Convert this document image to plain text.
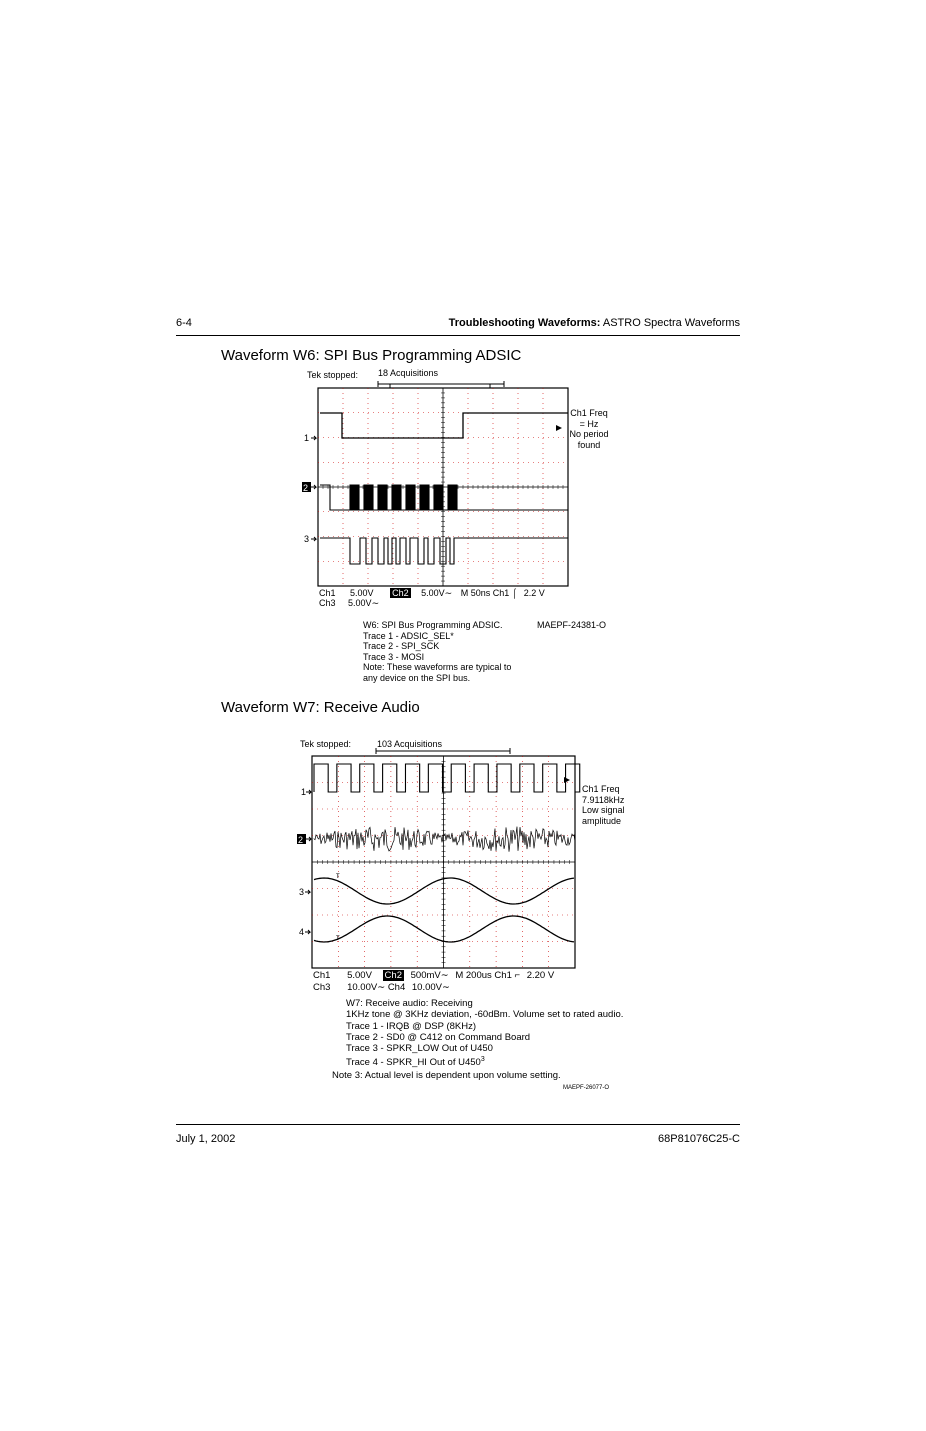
6-4	Troubleshooting Waveforms: ASTRO Spectra Waveforms
Waveform W6: SPI Bus Programming ADSIC
Tek stopped: 18 Acquisitions
1
2
3
Ch1 Freq
= Hz
No period
found
Ch1 5.00V Ch2 5.00V∼ M 50ns Ch1 ⌠ 2.2 V
Ch3 5.00V∼
W6: SPI Bus Programming ADSIC.
Trace 1 - ADSIC_SEL*
Trace 2 - SPI_SCK
Trace 3 - MOSI
Note: These waveforms are typical to
any device on the SPI bus.
MAEPF-24381-O
Waveform W7: Receive Audio
Tek stopped:	103 Acquisitions
1
2
3
4
т
т
Ch1 Freq
7.9118kHz
Low signal
amplitude
Ch1 5.00V Ch2 500mV∼ M 200us Ch1 ⌐ 2.20 V
Ch3 10.00V∼ Ch4 10.00V∼
W7: Receive audio: Receiving
1KHz tone @ 3KHz deviation, -60dBm. Volume set to rated audio.
Trace 1 - IRQB @ DSP (8KHz)
Trace 2 - SD0 @ C412 on Command Board
Trace 3 - SPKR_LOW Out of U450
Trace 4 - SPKR_HI Out of $U450^3$
Note 3: Actual level is dependent upon volume setting.
MAEPF-26077-O
July 1, 2002	68P81076C25-C
